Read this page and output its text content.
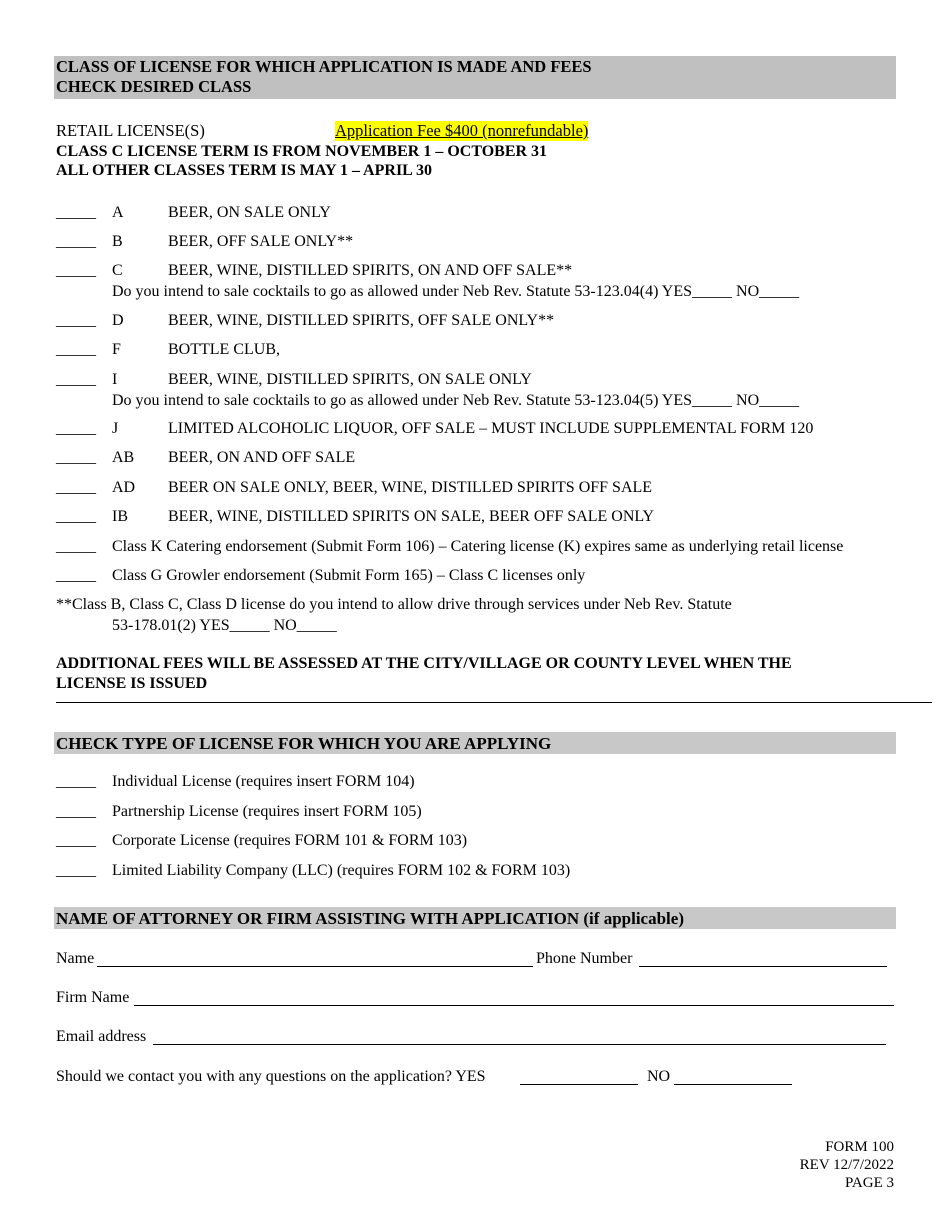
CLASS OF LICENSE FOR WHICH APPLICATION IS MADE AND FEES
CHECK DESIRED CLASS
RETAIL LICENSE(S)	Application Fee $400 (nonrefundable)
CLASS C LICENSE TERM IS FROM NOVEMBER 1 – OCTOBER 31
ALL OTHER CLASSES TERM IS MAY 1 – APRIL 30
_____ A	BEER, ON SALE ONLY
_____ B	BEER, OFF SALE ONLY**
_____ C	BEER, WINE, DISTILLED SPIRITS, ON AND OFF SALE**
Do you intend to sale cocktails to go as allowed under Neb Rev. Statute 53-123.04(4) YES_____ NO_____
_____ D	BEER, WINE, DISTILLED SPIRITS, OFF SALE ONLY**
_____ F	BOTTLE CLUB,
_____ I	BEER, WINE, DISTILLED SPIRITS, ON SALE ONLY
Do you intend to sale cocktails to go as allowed under Neb Rev. Statute 53-123.04(5) YES_____ NO_____
_____ J	LIMITED ALCOHOLIC LIQUOR, OFF SALE – MUST INCLUDE SUPPLEMENTAL FORM 120
_____ AB	BEER, ON AND OFF SALE
_____ AD	BEER ON SALE ONLY, BEER, WINE, DISTILLED SPIRITS OFF SALE
_____ IB	BEER, WINE, DISTILLED SPIRITS ON SALE, BEER OFF SALE ONLY
_____ Class K Catering endorsement (Submit Form 106) – Catering license (K) expires same as underlying retail license
_____ Class G Growler endorsement (Submit Form 165) – Class C licenses only
**Class B, Class C, Class D license do you intend to allow drive through services under Neb Rev. Statute
53-178.01(2) YES_____ NO_____
ADDITIONAL FEES WILL BE ASSESSED AT THE CITY/VILLAGE OR COUNTY LEVEL WHEN THE
LICENSE IS ISSUED
CHECK TYPE OF LICENSE FOR WHICH YOU ARE APPLYING
_____ Individual License (requires insert FORM 104)
_____ Partnership License (requires insert FORM 105)
_____ Corporate License (requires FORM 101 & FORM 103)
_____ Limited Liability Company (LLC) (requires FORM 102 & FORM 103)
NAME OF ATTORNEY OR FIRM ASSISTING WITH APPLICATION (if applicable)
Name	Phone Number
Firm Name
Email address
Should we contact you with any questions on the application? YES	NO
FORM 100
REV 12/7/2022
PAGE 3
